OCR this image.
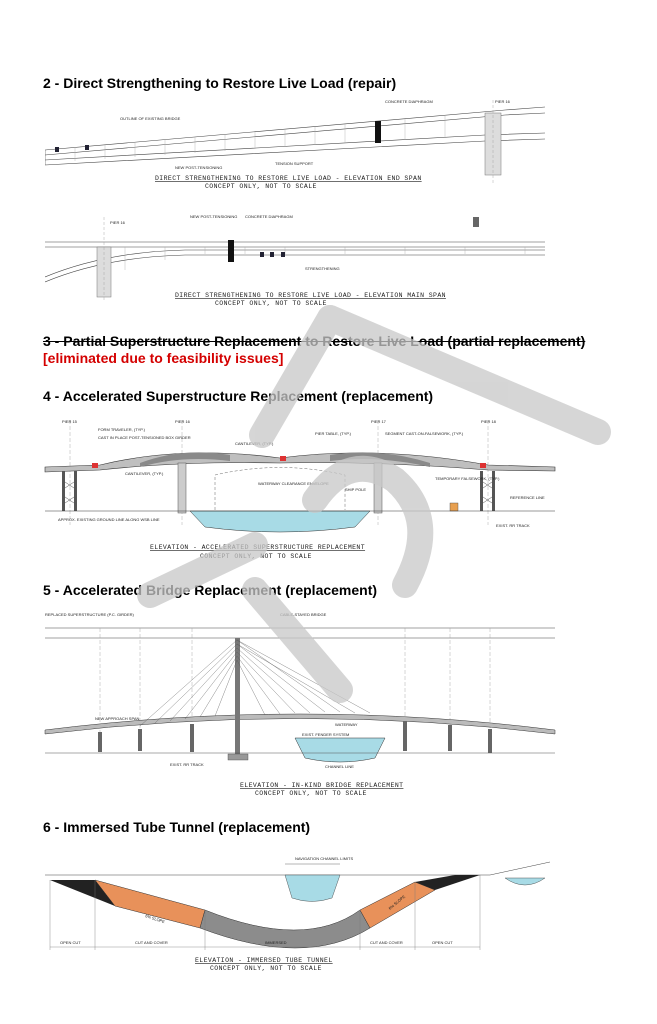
2 - Direct Strengthening to Restore Live Load (repair)
3 - Partial Superstructure Replacement to Restore Live Load (partial replacement)
[eliminated due to feasibility issues]
4 - Accelerated Superstructure Replacement (replacement)
5 - Accelerated Bridge Replacement (replacement)
6 - Immersed Tube Tunnel (replacement)
CONCRETE DIAPHRAGM	PIER 16
OUTLINE OF EXISTING BRIDGE
NEW POST-TENSIONING
TENSION SUPPORT
DIRECT STRENGTHENING TO RESTORE LIVE LOAD - ELEVATION END SPAN
CONCEPT ONLY, NOT TO SCALE
PIER 16
NEW POST-TENSIONING CONCRETE DIAPHRAGM
STRENGTHENING
DIRECT STRENGTHENING TO RESTORE LIVE LOAD - ELEVATION MAIN SPAN
CONCEPT ONLY, NOT TO SCALE
PIER 15	PIER 16	PIER 17	PIER 18
FORM TRAVELER, (TYP.)
CAST IN PLACE POST-TENSIONED BOX GIRDER
CANTILEVER, (TYP.)
PIER TABLE, (TYP.)	SEGMENT CAST-ON-FALSEWORK, (TYP.)
CANTILEVER, (TYP.)
WATERWAY CLEARANCE ENVELOPE
SHIP POLE
TEMPORARY FALSEWORK, (TYP.)
REFERENCE LINE
EXIST. RR TRACK
APPROX. EXISTING GROUND LINE ALONG WSB LINE
ELEVATION - ACCELERATED SUPERSTRUCTURE REPLACEMENT
CONCEPT ONLY, NOT TO SCALE
REPLACED SUPERSTRUCTURE (P.C. GIRDER)	CABLE-STAYED BRIDGE
NEW APPROACH SPAN
WATERWAY
EXIST. FENDER SYSTEM
CHANNEL LINE
EXIST. RR TRACK
ELEVATION - IN-KIND BRIDGE REPLACEMENT
CONCEPT ONLY, NOT TO SCALE
NAVIGATION CHANNEL LIMITS
6% SLOPE
6% SLOPE
OPEN CUT	CUT AND COVER	IMMERSED	CUT AND COVER	OPEN CUT
ELEVATION - IMMERSED TUBE TUNNEL
CONCEPT ONLY, NOT TO SCALE
